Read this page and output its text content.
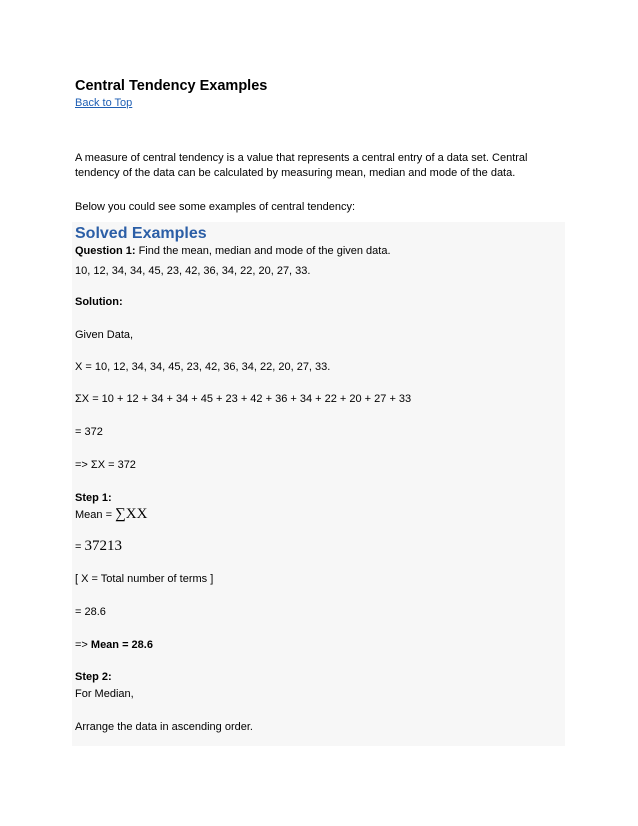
Central Tendency Examples
Back to Top
A measure of central tendency is a value that represents a central entry of a data set. Central tendency of the data can be calculated by measuring mean, median and mode of the data.
Below you could see some examples of central tendency:
Solved Examples
Question 1: Find the mean, median and mode of the given data.
10, 12, 34, 34, 45, 23, 42, 36, 34, 22, 20, 27, 33.
Solution:
Given Data,
X = 10, 12, 34, 34, 45, 23, 42, 36, 34, 22, 20, 27, 33.
ΣX = 10 + 12 + 34 + 34 + 45 + 23 + 42 + 36 + 34 + 22 + 20 + 27 + 33
= 372
=> ΣX = 372
Step 1:
Mean = ∑XX
= 37213
[ X = Total number of terms ]
= 28.6
=> Mean = 28.6
Step 2:
For Median,
Arrange the data in ascending order.
